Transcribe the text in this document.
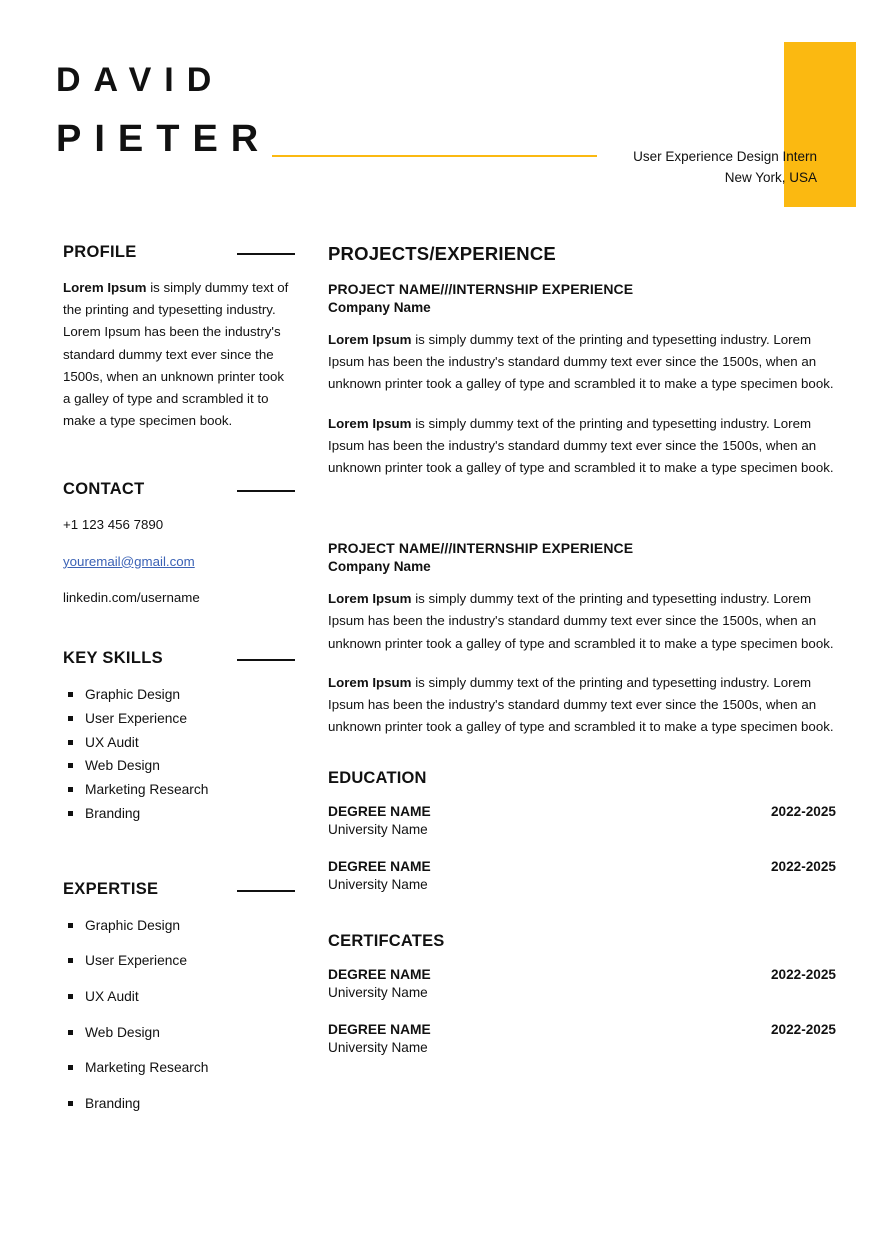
DAVID
PIETER	User Experience Design Intern
New York, USA
PROFILE
Lorem Ipsum is simply dummy text of the printing and typesetting industry. Lorem Ipsum has been the industry's standard dummy text ever since the 1500s, when an unknown printer took a galley of type and scrambled it to make a type specimen book.
CONTACT
+1 123 456 7890
youremail@gmail.com
linkedin.com/username
KEY SKILLS
Graphic Design
User Experience
UX Audit
Web Design
Marketing Research
Branding
EXPERTISE
Graphic Design
User Experience
UX Audit
Web Design
Marketing Research
Branding
PROJECTS/EXPERIENCE
PROJECT NAME///INTERNSHIP EXPERIENCE
Company Name
Lorem Ipsum is simply dummy text of the printing and typesetting industry. Lorem Ipsum has been the industry's standard dummy text ever since the 1500s, when an unknown printer took a galley of type and scrambled it to make a type specimen book.
Lorem Ipsum is simply dummy text of the printing and typesetting industry. Lorem Ipsum has been the industry's standard dummy text ever since the 1500s, when an unknown printer took a galley of type and scrambled it to make a type specimen book.
PROJECT NAME///INTERNSHIP EXPERIENCE
Company Name
Lorem Ipsum is simply dummy text of the printing and typesetting industry. Lorem Ipsum has been the industry's standard dummy text ever since the 1500s, when an unknown printer took a galley of type and scrambled it to make a type specimen book.
Lorem Ipsum is simply dummy text of the printing and typesetting industry. Lorem Ipsum has been the industry's standard dummy text ever since the 1500s, when an unknown printer took a galley of type and scrambled it to make a type specimen book.
EDUCATION
DEGREE NAME
University Name
2022-2025
DEGREE NAME
University Name
2022-2025
CERTIFCATES
DEGREE NAME
University Name
2022-2025
DEGREE NAME
University Name
2022-2025
